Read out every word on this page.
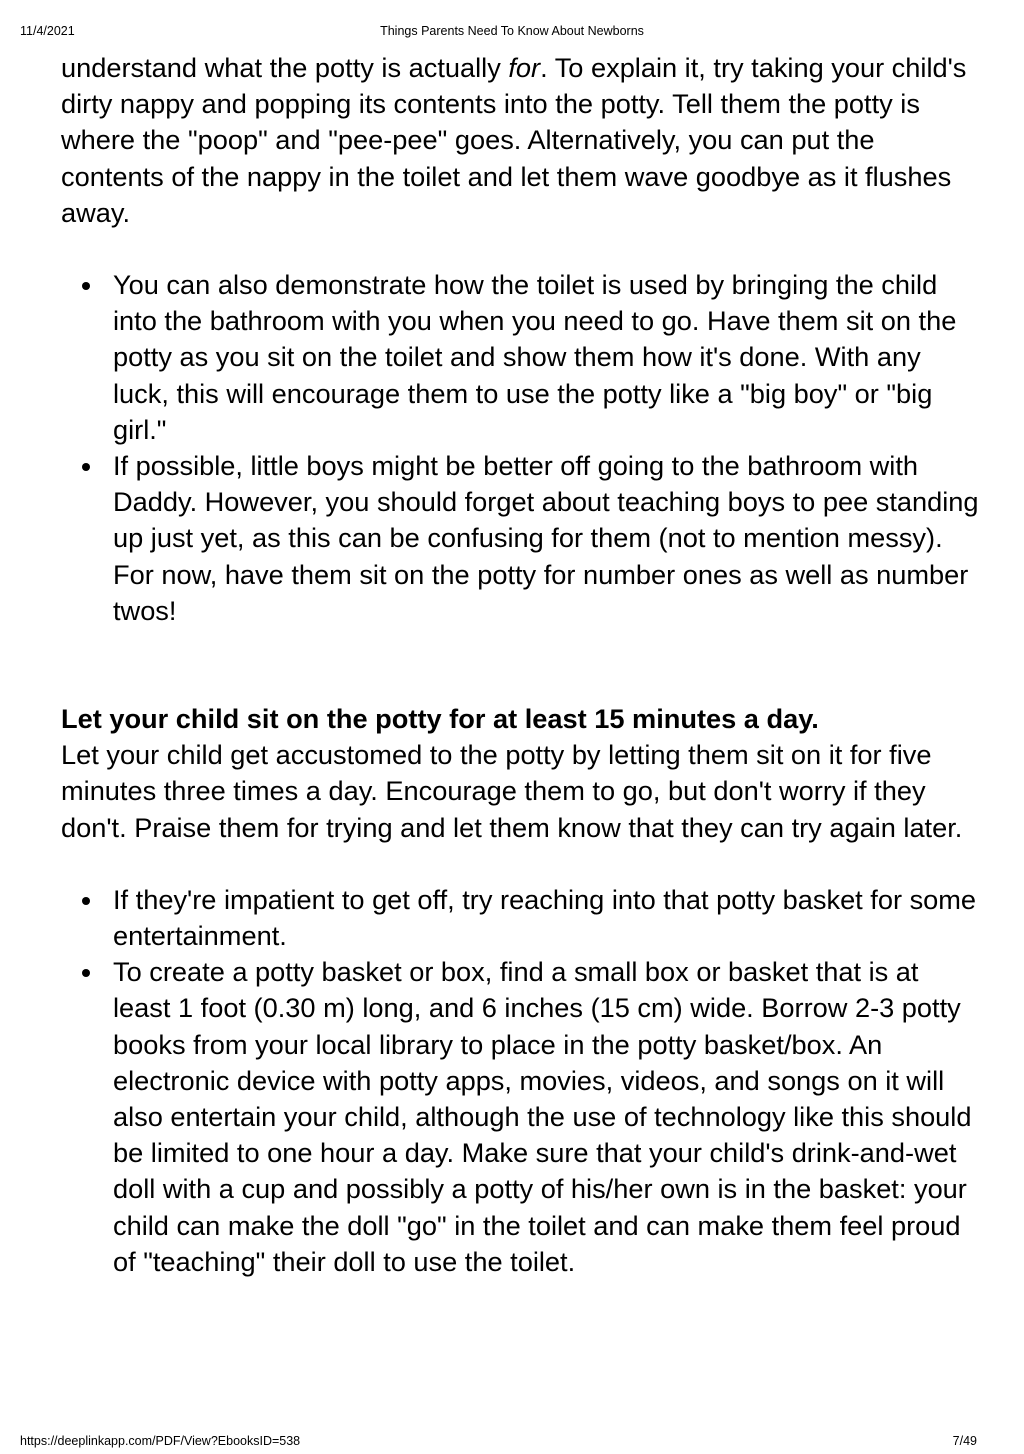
11/4/2021	Things Parents Need To Know About Newborns

understand what the potty is actually for. To explain it, try taking your child's dirty nappy and popping its contents into the potty. Tell them the potty is where the "poop" and "pee-pee" goes. Alternatively, you can put the contents of the nappy in the toilet and let them wave goodbye as it flushes away.

You can also demonstrate how the toilet is used by bringing the child into the bathroom with you when you need to go. Have them sit on the potty as you sit on the toilet and show them how it's done. With any luck, this will encourage them to use the potty like a "big boy" or "big girl."
If possible, little boys might be better off going to the bathroom with Daddy. However, you should forget about teaching boys to pee standing up just yet, as this can be confusing for them (not to mention messy). For now, have them sit on the potty for number ones as well as number twos!

Let your child sit on the potty for at least 15 minutes a day.
Let your child get accustomed to the potty by letting them sit on it for five minutes three times a day. Encourage them to go, but don't worry if they don't. Praise them for trying and let them know that they can try again later.

If they're impatient to get off, try reaching into that potty basket for some entertainment.
To create a potty basket or box, find a small box or basket that is at least 1 foot (0.30 m) long, and 6 inches (15 cm) wide. Borrow 2-3 potty books from your local library to place in the potty basket/box. An electronic device with potty apps, movies, videos, and songs on it will also entertain your child, although the use of technology like this should be limited to one hour a day. Make sure that your child's drink-and-wet doll with a cup and possibly a potty of his/her own is in the basket: your child can make the doll "go" in the toilet and can make them feel proud of "teaching" their doll to use the toilet.
https://deeplinkapp.com/PDF/View?EbooksID=538	7/49
